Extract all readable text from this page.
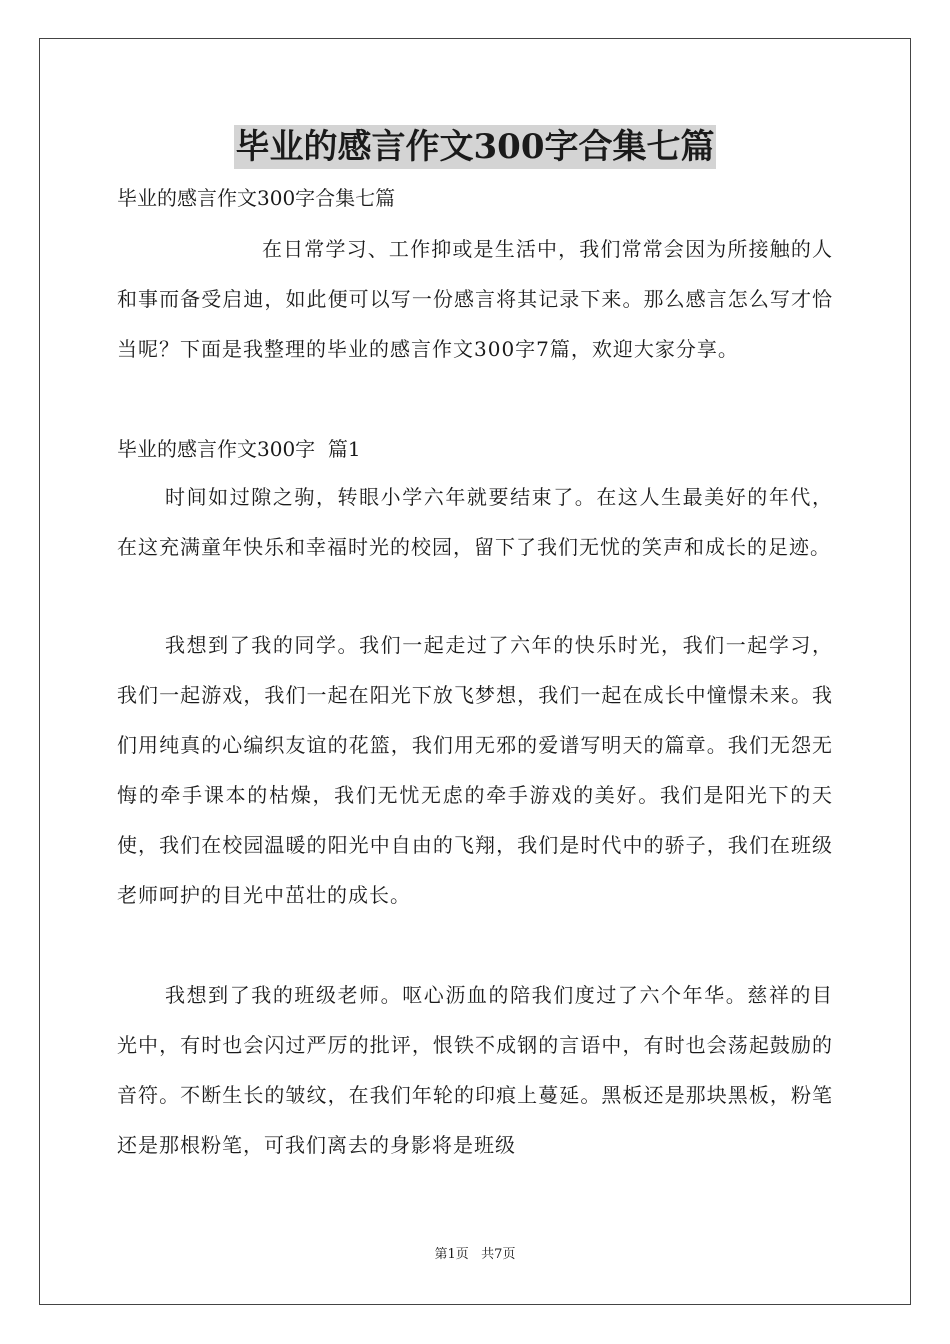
毕业的感言作文300字合集七篇

毕业的感言作文300字合集七篇

在日常学习、工作抑或是生活中，我们常常会因为所接触的人和事而备受启迪，如此便可以写一份感言将其记录下来。那么感言怎么写才恰当呢？下面是我整理的毕业的感言作文300字7篇，欢迎大家分享。

毕业的感言作文300字  篇1

时间如过隙之驹，转眼小学六年就要结束了。在这人生最美好的年代，在这充满童年快乐和幸福时光的校园，留下了我们无忧的笑声和成长的足迹。

我想到了我的同学。我们一起走过了六年的快乐时光，我们一起学习，我们一起游戏，我们一起在阳光下放飞梦想，我们一起在成长中憧憬未来。我们用纯真的心编织友谊的花篮，我们用无邪的爱谱写明天的篇章。我们无怨无悔的牵手课本的枯燥，我们无忧无虑的牵手游戏的美好。我们是阳光下的天使，我们在校园温暖的阳光中自由的飞翔，我们是时代中的骄子，我们在班级老师呵护的目光中茁壮的成长。

我想到了我的班级老师。呕心沥血的陪我们度过了六个年华。慈祥的目光中，有时也会闪过严厉的批评，恨铁不成钢的言语中，有时也会荡起鼓励的音符。不断生长的皱纹，在我们年轮的印痕上蔓延。黑板还是那块黑板，粉笔还是那根粉笔，可我们离去的身影将是班级

第1页   共7页
